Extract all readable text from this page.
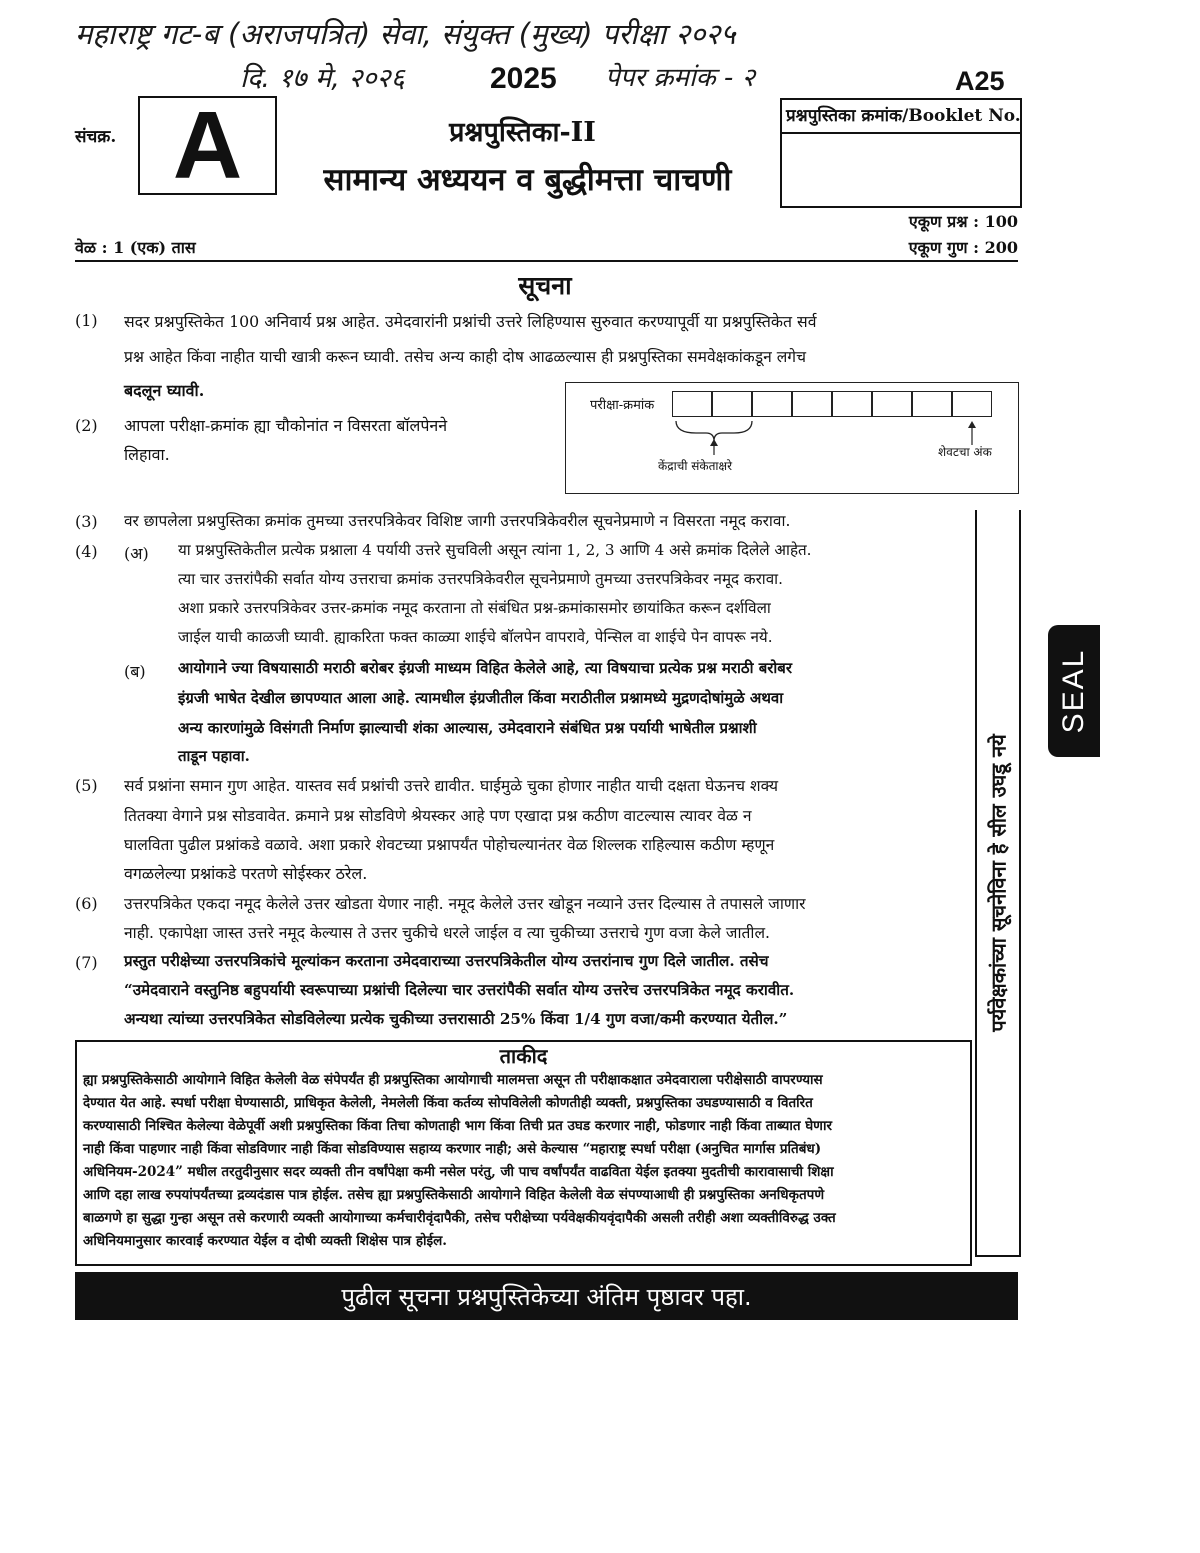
महाराष्ट्र गट-ब (अराजपत्रित) सेवा, संयुक्त (मुख्य) परीक्षा २०२५
दि. १७ मे, २०२६	2025 पेपर क्रमांक - २	A25
संचक्र. A	प्रश्नपुस्तिका-II
सामान्य अध्ययन व बुद्धीमत्ता चाचणी
प्रश्नपुस्तिका क्रमांक/Booklet No.
एकूण प्रश्न : 100
एकूण गुण : 200
वेळ : 1 (एक) तास
सूचना
(1) सदर प्रश्नपुस्तिकेत 100 अनिवार्य प्रश्न आहेत. उमेदवारांनी प्रश्नांची उत्तरे लिहिण्यास सुरुवात करण्यापूर्वी या प्रश्नपुस्तिकेत सर्व
प्रश्न आहेत किंवा नाहीत याची खात्री करून घ्यावी. तसेच अन्य काही दोष आढळल्यास ही प्रश्नपुस्तिका समवेक्षकांकडून लगेच
बदलून घ्यावी.
(2) आपला परीक्षा-क्रमांक ह्या चौकोनांत न विसरता बॉलपेनने
लिहावा.
(3) वर छापलेला प्रश्नपुस्तिका क्रमांक तुमच्या उत्तरपत्रिकेवर विशिष्ट जागी उत्तरपत्रिकेवरील सूचनेप्रमाणे न विसरता नमूद करावा.
(4) (अ) या प्रश्नपुस्तिकेतील प्रत्येक प्रश्नाला 4 पर्यायी उत्तरे सुचविली असून त्यांना 1, 2, 3 आणि 4 असे क्रमांक दिलेले आहेत.
त्या चार उत्तरांपैकी सर्वात योग्य उत्तराचा क्रमांक उत्तरपत्रिकेवरील सूचनेप्रमाणे तुमच्या उत्तरपत्रिकेवर नमूद करावा.
अशा प्रकारे उत्तरपत्रिकेवर उत्तर-क्रमांक नमूद करताना तो संबंधित प्रश्न-क्रमांकासमोर छायांकित करून दर्शविला
जाईल याची काळजी घ्यावी. ह्याकरिता फक्त काळ्या शाईचे बॉलपेन वापरावे, पेन्सिल वा शाईचे पेन वापरू नये.
(ब) आयोगाने ज्या विषयासाठी मराठी बरोबर इंग्रजी माध्यम विहित केलेले आहे, त्या विषयाचा प्रत्येक प्रश्न मराठी बरोबर
इंग्रजी भाषेत देखील छापण्यात आला आहे. त्यामधील इंग्रजीतील किंवा मराठीतील प्रश्नामध्ये मुद्रणदोषांमुळे अथवा
अन्य कारणांमुळे विसंगती निर्माण झाल्याची शंका आल्यास, उमेदवाराने संबंधित प्रश्न पर्यायी भाषेतील प्रश्नाशी
ताडून पहावा.
(5) सर्व प्रश्नांना समान गुण आहेत. यास्तव सर्व प्रश्नांची उत्तरे द्यावीत. घाईमुळे चुका होणार नाहीत याची दक्षता घेऊनच शक्य
तितक्या वेगाने प्रश्न सोडवावेत. क्रमाने प्रश्न सोडविणे श्रेयस्कर आहे पण एखादा प्रश्न कठीण वाटल्यास त्यावर वेळ न
घालविता पुढील प्रश्नांकडे वळावे. अशा प्रकारे शेवटच्या प्रश्नापर्यंत पोहोचल्यानंतर वेळ शिल्लक राहिल्यास कठीण म्हणून
वगळलेल्या प्रश्नांकडे परतणे सोईस्कर ठरेल.
(6) उत्तरपत्रिकेत एकदा नमूद केलेले उत्तर खोडता येणार नाही. नमूद केलेले उत्तर खोडून नव्याने उत्तर दिल्यास ते तपासले जाणार
नाही. एकापेक्षा जास्त उत्तरे नमूद केल्यास ते उत्तर चुकीचे धरले जाईल व त्या चुकीच्या उत्तराचे गुण वजा केले जातील.
(7) प्रस्तुत परीक्षेच्या उत्तरपत्रिकांचे मूल्यांकन करताना उमेदवाराच्या उत्तरपत्रिकेतील योग्य उत्तरांनाच गुण दिले जातील. तसेच
“उमेदवाराने वस्तुनिष्ठ बहुपर्यायी स्वरूपाच्या प्रश्नांची दिलेल्या चार उत्तरांपैकी सर्वात योग्य उत्तरेच उत्तरपत्रिकेत नमूद करावीत.
अन्यथा त्यांच्या उत्तरपत्रिकेत सोडविलेल्या प्रत्येक चुकीच्या उत्तरासाठी 25% किंवा 1/4 गुण वजा/कमी करण्यात येतील.”
परीक्षा-क्रमांक
केंद्राची संकेताक्षरे
शेवटचा अंक
पर्यवेक्षकांच्या सूचनेविना हे सील उघडू नये
SEAL
ताकीद
ह्या प्रश्नपुस्तिकेसाठी आयोगाने विहित केलेली वेळ संपेपर्यंत ही प्रश्नपुस्तिका आयोगाची मालमत्ता असून ती परीक्षाकक्षात उमेदवाराला परीक्षेसाठी वापरण्यास
देण्यात येत आहे. स्पर्धा परीक्षा घेण्यासाठी, प्राधिकृत केलेली, नेमलेली किंवा कर्तव्य सोपविलेली कोणतीही व्यक्ती, प्रश्नपुस्तिका उघडण्यासाठी व वितरित
करण्यासाठी निश्चित केलेल्या वेळेपूर्वी अशी प्रश्नपुस्तिका किंवा तिचा कोणताही भाग किंवा तिची प्रत उघड करणार नाही, फोडणार नाही किंवा ताब्यात घेणार
नाही किंवा पाहणार नाही किंवा सोडविणार नाही किंवा सोडविण्यास सहाय्य करणार नाही; असे केल्यास “महाराष्ट्र स्पर्धा परीक्षा (अनुचित मार्गास प्रतिबंध)
अधिनियम-2024” मधील तरतुदीनुसार सदर व्यक्ती तीन वर्षांपेक्षा कमी नसेल परंतु, जी पाच वर्षांपर्यंत वाढविता येईल इतक्या मुदतीची कारावासाची शिक्षा
आणि दहा लाख रुपयांपर्यंतच्या द्रव्यदंडास पात्र होईल. तसेच ह्या प्रश्नपुस्तिकेसाठी आयोगाने विहित केलेली वेळ संपण्याआधी ही प्रश्नपुस्तिका अनधिकृतपणे
बाळगणे हा सुद्धा गुन्हा असून तसे करणारी व्यक्ती आयोगाच्या कर्मचारीवृंदापैकी, तसेच परीक्षेच्या पर्यवेक्षकीयवृंदापैकी असली तरीही अशा व्यक्तीविरुद्ध उक्त
अधिनियमानुसार कारवाई करण्यात येईल व दोषी व्यक्ती शिक्षेस पात्र होईल.
पुढील सूचना प्रश्नपुस्तिकेच्या अंतिम पृष्ठावर पहा.
